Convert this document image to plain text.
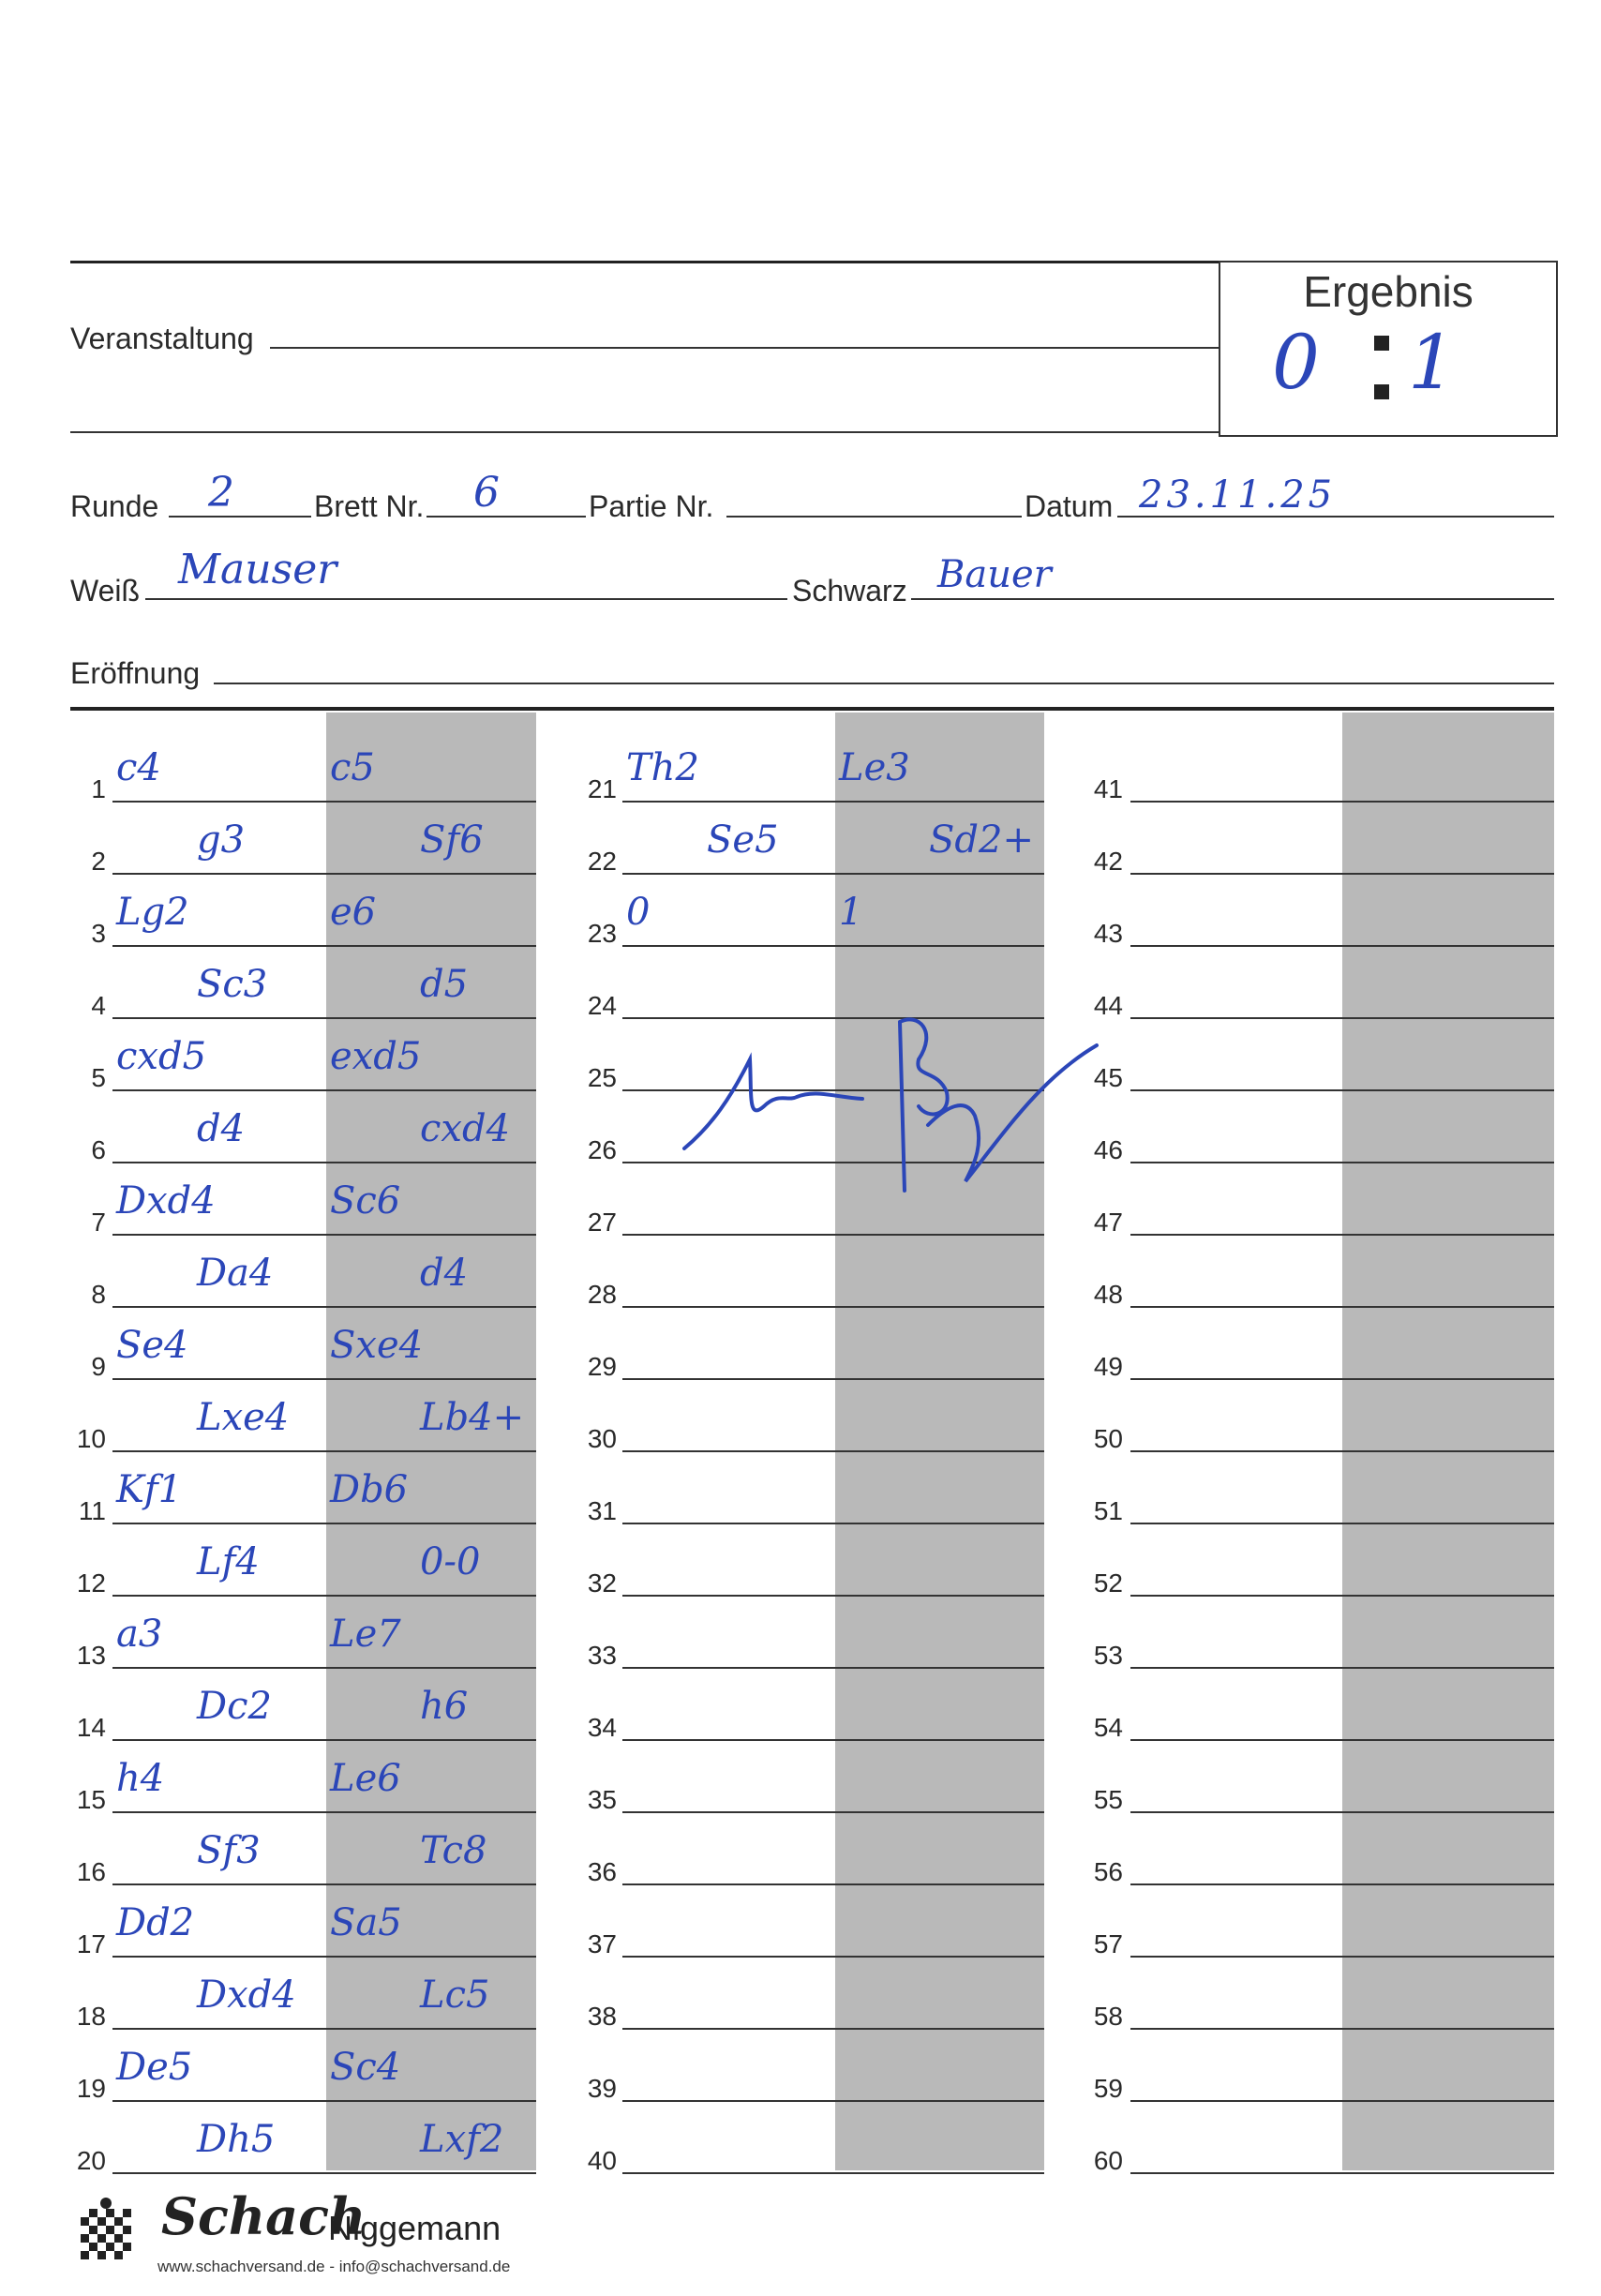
Ergebnis
0 1
Veranstaltung
Runde 2	Brett Nr. 6	Partie Nr.	Datum 23.11.25
Weiß Mauser	Schwarz Bauer
Eröffnung
1 c4	c5
2 g3	Sf6
3 Lg2	e6
4 Sc3	d5
5 cxd5	exd5
6 d4	cxd4
7 Dxd4	Sc6
8 Da4	d4
9 Se4	Sxe4
10 Lxe4	Lb4+
11 Kf1	Db6
12 Lf4	0-0
13 a3	Le7
14 Dc2	h6
15 h4	Le6
16 Sf3	Tc8
17 Dd2	Sa5
18 Dxd4	Lc5
19 De5	Sc4
20 Dh5	Lxf2
21 Th2	Le3
22 Se5	Sd2+
23 0	1
24
25
26
27
28
29
30
31
32
33
34
35
36
37
38
39
40
41
42
43
44
45
46
47
48
49
50
51
52
53
54
55
56
57
58
59
60
Schach
Niggemann
www.schachversand.de - info@schachversand.de
